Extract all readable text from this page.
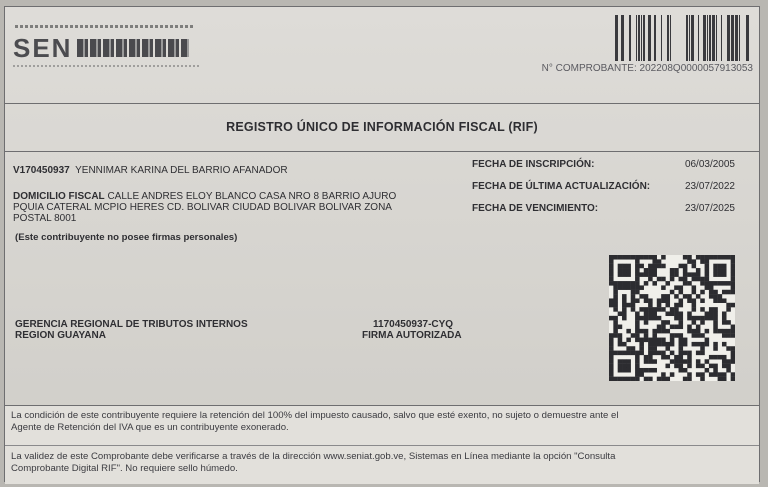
SEN
N° COMPROBANTE: 202208Q0000057913053
REGISTRO ÚNICO DE INFORMACIÓN FISCAL (RIF)
V170450937 YENNIMAR KARINA DEL BARRIO AFANADOR
DOMICILIO FISCAL CALLE ANDRES ELOY BLANCO CASA NRO 8 BARRIO AJURO
PQUIA CATERAL MCPIO HERES CD. BOLIVAR CIUDAD BOLIVAR BOLIVAR ZONA
POSTAL 8001
(Este contribuyente no posee firmas personales)
FECHA DE INSCRIPCIÓN:	06/03/2005
FECHA DE ÚLTIMA ACTUALIZACIÓN:	23/07/2022
FECHA DE VENCIMIENTO:	23/07/2025
GERENCIA REGIONAL DE TRIBUTOS INTERNOS
REGION GUAYANA
1170450937-CYQ
FIRMA AUTORIZADA
La condición de este contribuyente requiere la retención del 100% del impuesto causado, salvo que esté exento, no sujeto o demuestre ante el
Agente de Retención del IVA que es un contribuyente exonerado.
La validez de este Comprobante debe verificarse a través de la dirección www.seniat.gob.ve, Sistemas en Línea mediante la opción "Consulta
Comprobante Digital RIF". No requiere sello húmedo.
